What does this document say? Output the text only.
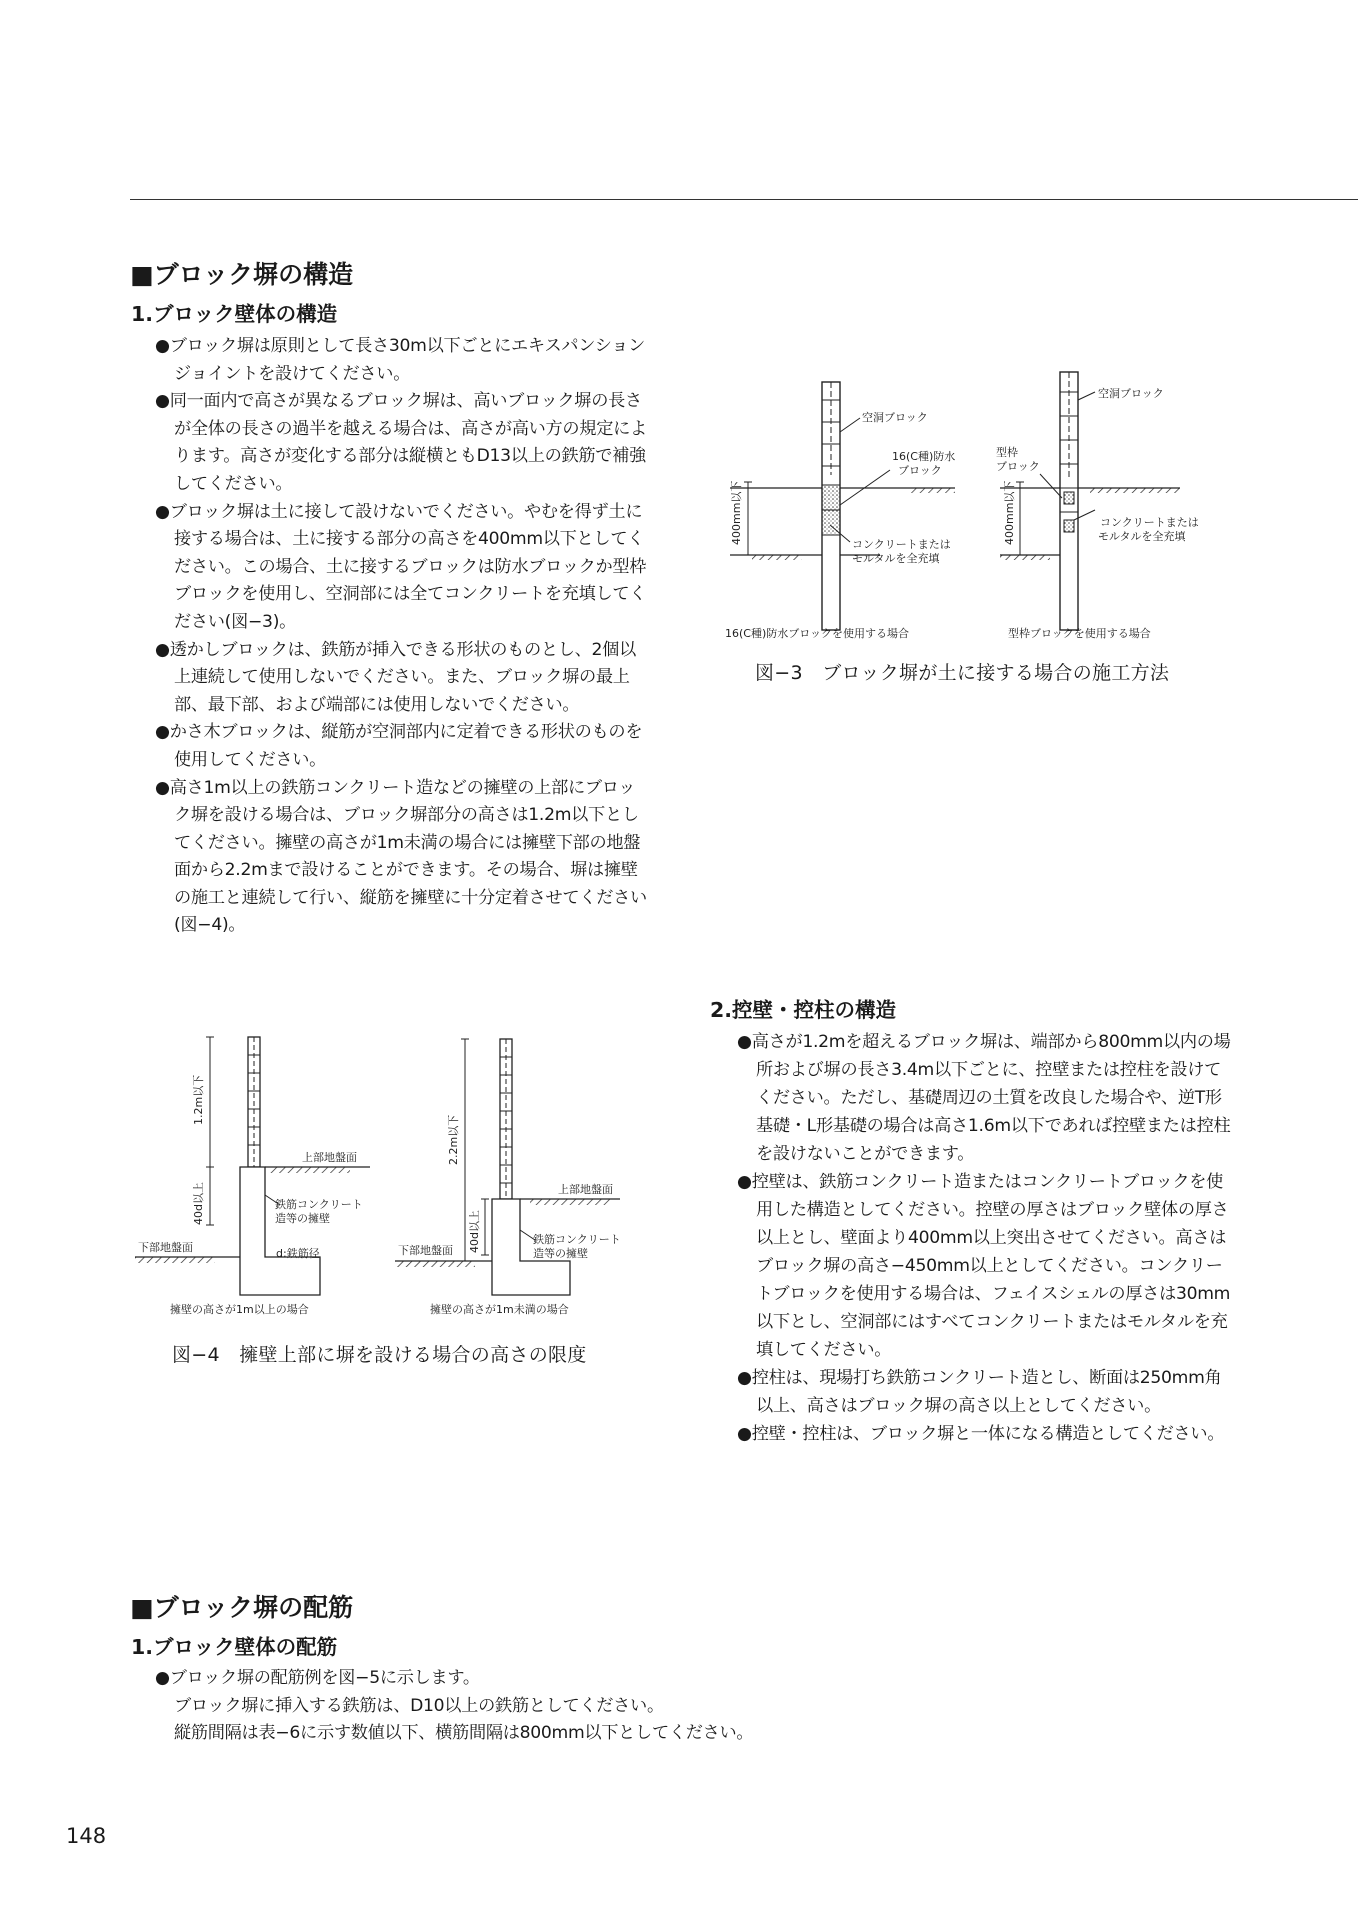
■ブロック塀の構造
1.ブロック壁体の構造

●ブロック塀は原則として長さ30m以下ごとにエキスパンションジョイントを設けてください。

●同一面内で高さが異なるブロック塀は、高いブロック塀の長さが全体の長さの過半を越える場合は、高さが高い方の規定によります。高さが変化する部分は縦横ともD13以上の鉄筋で補強してください。

●ブロック塀は土に接して設けないでください。やむを得ず土に接する場合は、土に接する部分の高さを400mm以下としてください。この場合、土に接するブロックは防水ブロックか型枠ブロックを使用し、空洞部には全てコンクリートを充填してください(図−3)。

●透かしブロックは、鉄筋が挿入できる形状のものとし、2個以上連続して使用しないでください。また、ブロック塀の最上部、最下部、および端部には使用しないでください。

●かさ木ブロックは、縦筋が空洞部内に定着できる形状のものを使用してください。

●高さ1m以上の鉄筋コンクリート造などの擁壁の上部にブロック塀を設ける場合は、ブロック塀部分の高さは1.2m以下としてください。擁壁の高さが1m未満の場合には擁壁下部の地盤面から2.2mまで設けることができます。その場合、塀は擁壁の施工と連続して行い、縦筋を擁壁に十分定着させてください(図−4)。

400mm以下
空洞ブロック
16(C種)防水
ブロック
コンクリートまたは
モルタルを全充填
16(C種)防水ブロックを使用する場合
400mm以下
空洞ブロック
型枠
ブロック
コンクリートまたは
モルタルを全充填
型枠ブロックを使用する場合
図−3　ブロック塀が土に接する場合の施工方法
2.控壁・控柱の構造

●高さが1.2mを超えるブロック塀は、端部から800mm以内の場所および塀の長さ3.4m以下ごとに、控壁または控柱を設けてください。ただし、基礎周辺の土質を改良した場合や、逆T形基礎・L形基礎の場合は高さ1.6m以下であれば控壁または控柱を設けないことができます。

●控壁は、鉄筋コンクリート造またはコンクリートブロックを使用した構造としてください。控壁の厚さはブロック壁体の厚さ以上とし、壁面より400mm以上突出させてください。高さはブロック塀の高さ−450mm以上としてください。コンクリートブロックを使用する場合は、フェイスシェルの厚さは30mm以下とし、空洞部にはすべてコンクリートまたはモルタルを充填してください。

●控柱は、現場打ち鉄筋コンクリート造とし、断面は250mm角以上、高さはブロック塀の高さ以上としてください。

●控壁・控柱は、ブロック塀と一体になる構造としてください。

1.2m以下
40d以上
上部地盤面
鉄筋コンクリート
造等の擁壁
d:鉄筋径
下部地盤面
擁壁の高さが1m以上の場合
2.2m以下
40d以上
上部地盤面
鉄筋コンクリート
造等の擁壁
下部地盤面
擁壁の高さが1m未満の場合
図−4　擁壁上部に塀を設ける場合の高さの限度
■ブロック塀の配筋
1.ブロック壁体の配筋

●ブロック塀の配筋例を図−5に示します。

ブロック塀に挿入する鉄筋は、D10以上の鉄筋としてください。

縦筋間隔は表−6に示す数値以下、横筋間隔は800mm以下としてください。

148
